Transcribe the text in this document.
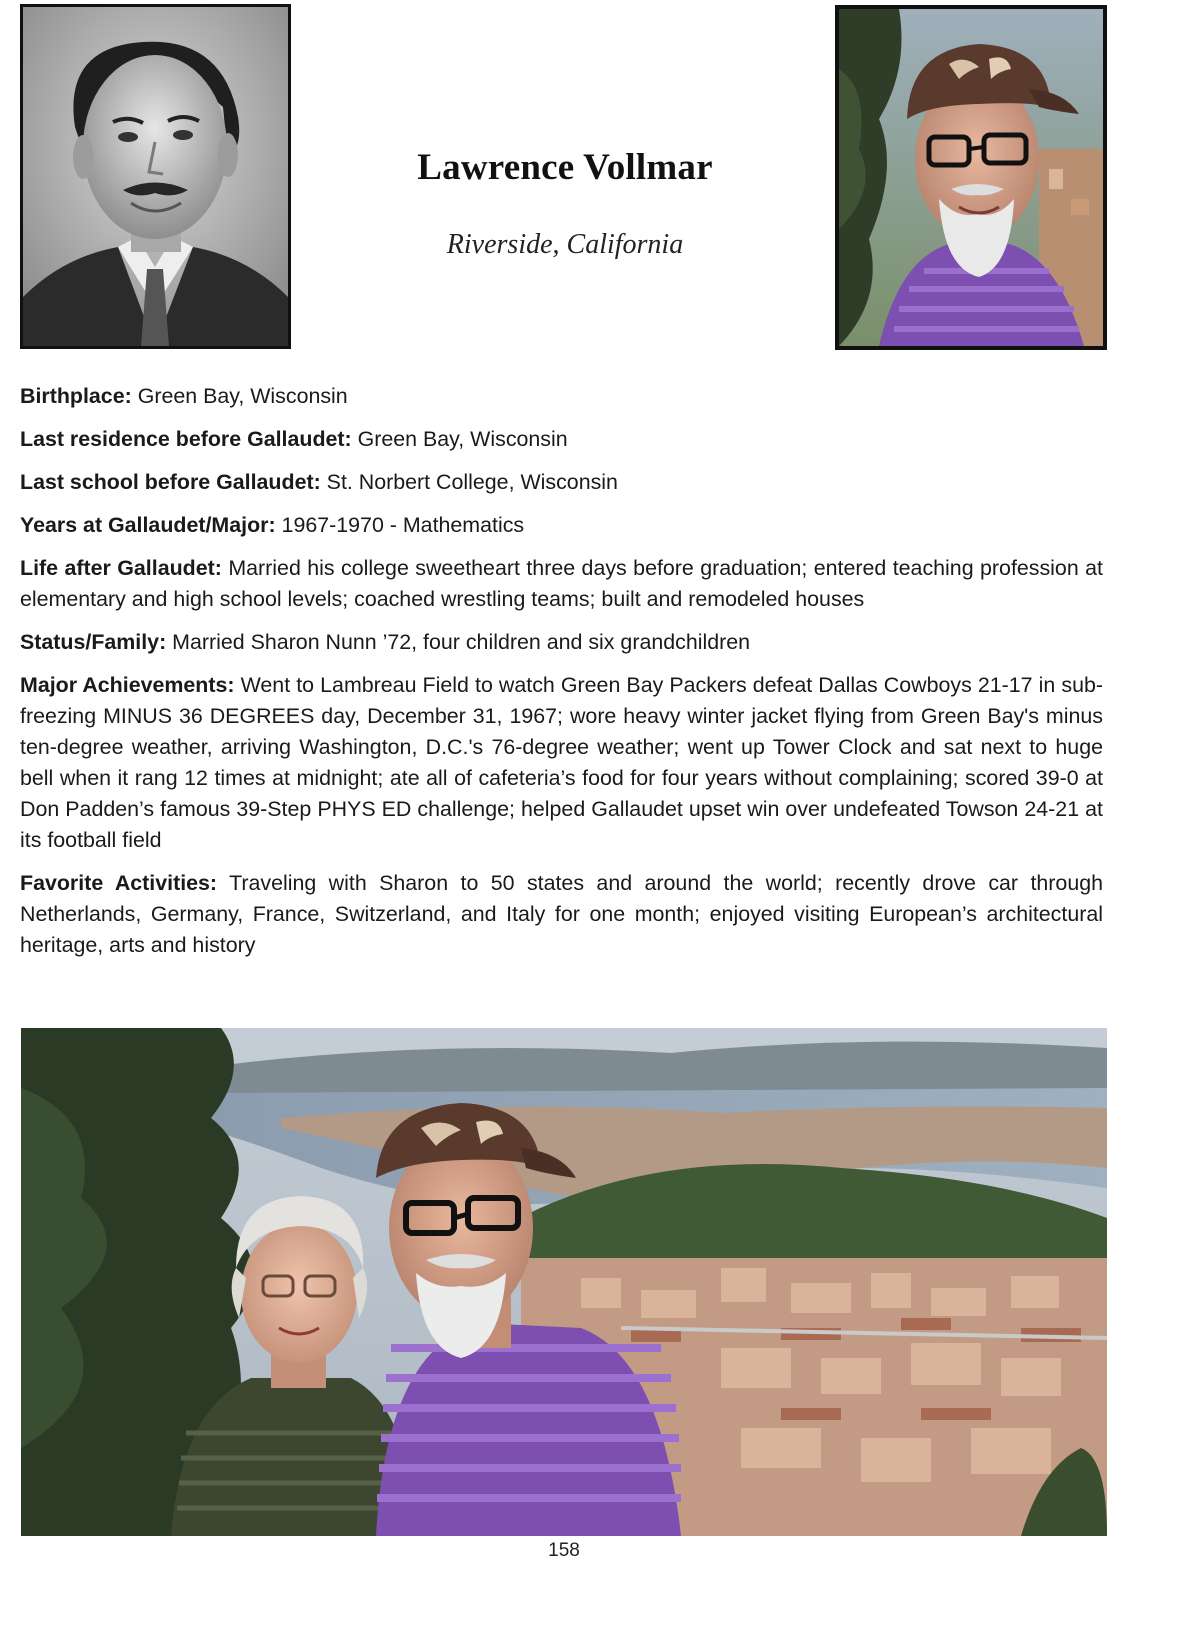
Lawrence Vollmar
Riverside, California

Birthplace: Green Bay, Wisconsin

Last residence before Gallaudet: Green Bay, Wisconsin

Last school before Gallaudet: St. Norbert College, Wisconsin

Years at Gallaudet/Major: 1967-1970 - Mathematics

Life after Gallaudet: Married his college sweetheart three days before graduation; entered teaching profession at elementary and high school levels; coached wrestling teams; built and remodeled houses

Status/Family: Married Sharon Nunn ’72, four children and six grandchildren

Major Achievements: Went to Lambreau Field to watch Green Bay Packers defeat Dallas Cowboys 21-17 in sub-freezing MINUS 36 DEGREES day, December 31, 1967; wore heavy winter jacket flying from Green Bay's minus ten-degree weather, arriving Washington, D.C.'s 76-degree weather; went up Tower Clock and sat next to huge bell when it rang 12 times at midnight; ate all of cafeteria’s food for four years without complaining; scored 39-0 at Don Padden’s famous 39-Step PHYS ED challenge; helped Gallaudet upset win over undefeated Towson 24-21 at its football field

Favorite Activities: Traveling with Sharon to 50 states and around the world; recently drove car through Netherlands, Germany, France, Switzerland, and Italy for one month; enjoyed visiting European’s architectural heritage, arts and history

158
